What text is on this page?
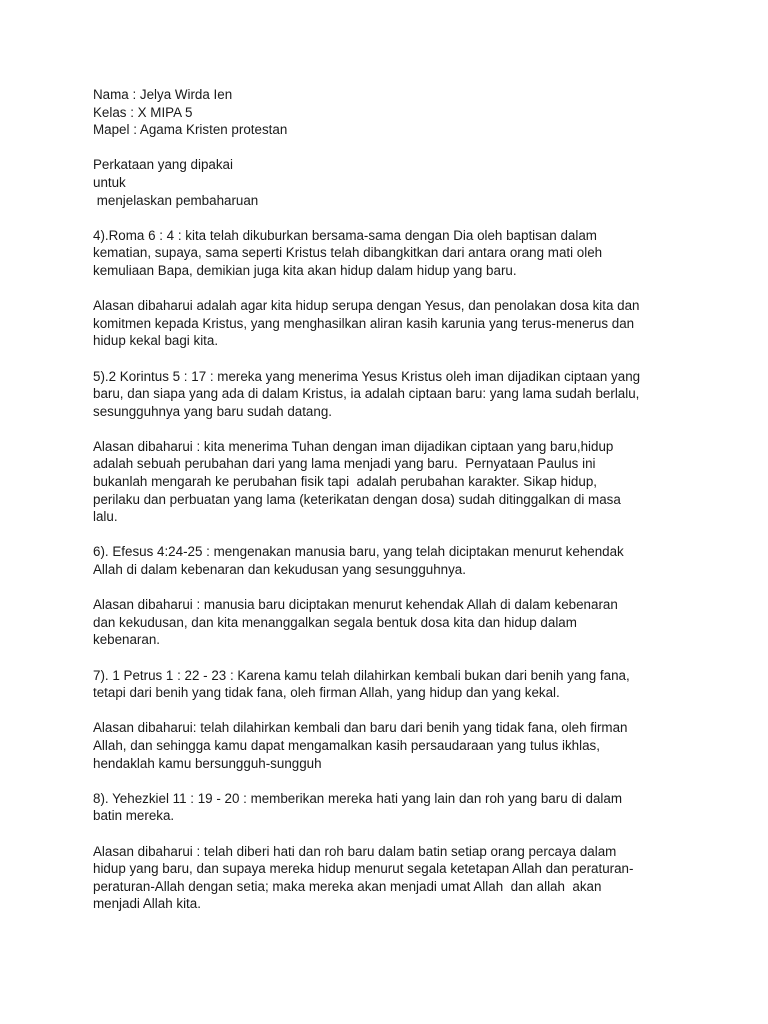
Nama : Jelya Wirda Ien
Kelas : X MIPA 5
Mapel : Agama Kristen protestan
Perkataan yang dipakai
untuk
menjelaskan pembaharuan
4).Roma 6 : 4 : kita telah dikuburkan bersama-sama dengan Dia oleh baptisan dalam
kematian, supaya, sama seperti Kristus telah dibangkitkan dari antara orang mati oleh
kemuliaan Bapa, demikian juga kita akan hidup dalam hidup yang baru.
Alasan dibaharui adalah agar kita hidup serupa dengan Yesus, dan penolakan dosa kita dan
komitmen kepada Kristus, yang menghasilkan aliran kasih karunia yang terus-menerus dan
hidup kekal bagi kita.
5).2 Korintus 5 : 17 : mereka yang menerima Yesus Kristus oleh iman dijadikan ciptaan yang
baru, dan siapa yang ada di dalam Kristus, ia adalah ciptaan baru: yang lama sudah berlalu,
sesungguhnya yang baru sudah datang.
Alasan dibaharui : kita menerima Tuhan dengan iman dijadikan ciptaan yang baru,hidup
adalah sebuah perubahan dari yang lama menjadi yang baru.  Pernyataan Paulus ini
bukanlah mengarah ke perubahan fisik tapi  adalah perubahan karakter. Sikap hidup,
perilaku dan perbuatan yang lama (keterikatan dengan dosa) sudah ditinggalkan di masa
lalu.
6). Efesus 4:24-25 : mengenakan manusia baru, yang telah diciptakan menurut kehendak
Allah di dalam kebenaran dan kekudusan yang sesungguhnya.
Alasan dibaharui : manusia baru diciptakan menurut kehendak Allah di dalam kebenaran
dan kekudusan, dan kita menanggalkan segala bentuk dosa kita dan hidup dalam
kebenaran.
7). 1 Petrus 1 : 22 - 23 : Karena kamu telah dilahirkan kembali bukan dari benih yang fana,
tetapi dari benih yang tidak fana, oleh firman Allah, yang hidup dan yang kekal.
Alasan dibaharui: telah dilahirkan kembali dan baru dari benih yang tidak fana, oleh firman
Allah, dan sehingga kamu dapat mengamalkan kasih persaudaraan yang tulus ikhlas,
hendaklah kamu bersungguh-sungguh
8). Yehezkiel 11 : 19 - 20 : memberikan mereka hati yang lain dan roh yang baru di dalam
batin mereka.
Alasan dibaharui : telah diberi hati dan roh baru dalam batin setiap orang percaya dalam
hidup yang baru, dan supaya mereka hidup menurut segala ketetapan Allah dan peraturan-
peraturan-Allah dengan setia; maka mereka akan menjadi umat Allah  dan allah  akan
menjadi Allah kita.
